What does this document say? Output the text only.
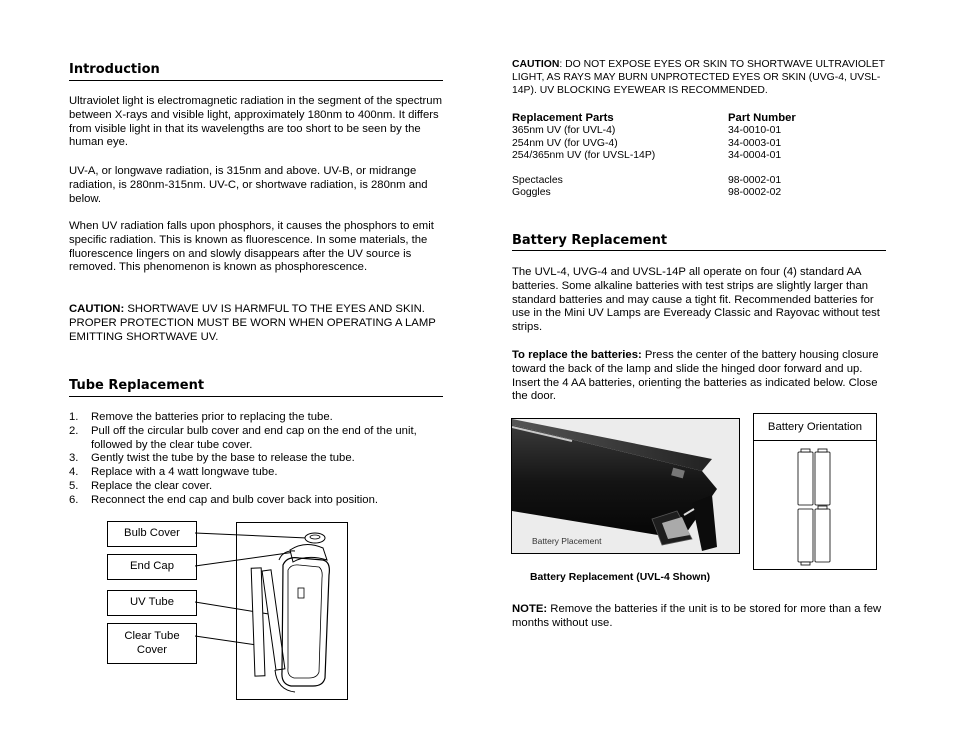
Introduction
Ultraviolet light is electromagnetic radiation in the segment of the spectrum between X-rays and visible light, approximately 180nm to 400nm. It differs from visible light in that its wavelengths are too short to be seen by the human eye.
UV-A, or longwave radiation, is 315nm and above. UV-B, or midrange radiation, is 280nm-315nm. UV-C, or shortwave radiation, is 280nm and below.
When UV radiation falls upon phosphors, it causes the phosphors to emit specific radiation. This is known as fluorescence. In some materials, the fluorescence lingers on and slowly disappears after the UV source is removed. This phenomenon is known as phosphorescence.
CAUTION: SHORTWAVE UV IS HARMFUL TO THE EYES AND SKIN. PROPER PROTECTION MUST BE WORN WHEN OPERATING A LAMP EMITTING SHORTWAVE UV.
Tube Replacement
1. Remove the batteries prior to replacing the tube.
2. Pull off the circular bulb cover and end cap on the end of the unit, followed by the clear tube cover.
3. Gently twist the tube by the base to release the tube.
4. Replace with a 4 watt longwave tube.
5. Replace the clear cover.
6. Reconnect the end cap and bulb cover back into position.
Bulb Cover
End Cap
UV Tube
Clear Tube Cover
CAUTION: DO NOT EXPOSE EYES OR SKIN TO SHORTWAVE ULTRAVIOLET LIGHT, AS RAYS MAY BURN UNPROTECTED EYES OR SKIN (UVG-4, UVSL-14P). UV BLOCKING EYEWEAR IS RECOMMENDED.
Replacement Parts	Part Number
365nm UV (for UVL-4)	34-0010-01
254nm UV (for UVG-4)	34-0003-01
254/365nm UV (for UVSL-14P)	34-0004-01
Spectacles	98-0002-01
Goggles	98-0002-02
Battery Replacement
The UVL-4, UVG-4 and UVSL-14P all operate on four (4) standard AA batteries. Some alkaline batteries with test strips are slightly larger than standard batteries and may cause a tight fit. Recommended batteries for use in the Mini UV Lamps are Eveready Classic and Rayovac without test strips.
To replace the batteries: Press the center of the battery housing closure toward the back of the lamp and slide the hinged door forward and up. Insert the 4 AA batteries, orienting the batteries as indicated below. Close the door.
Battery Placement
Battery Replacement (UVL-4 Shown)
Battery Orientation
NOTE: Remove the batteries if the unit is to be stored for more than a few months without use.
